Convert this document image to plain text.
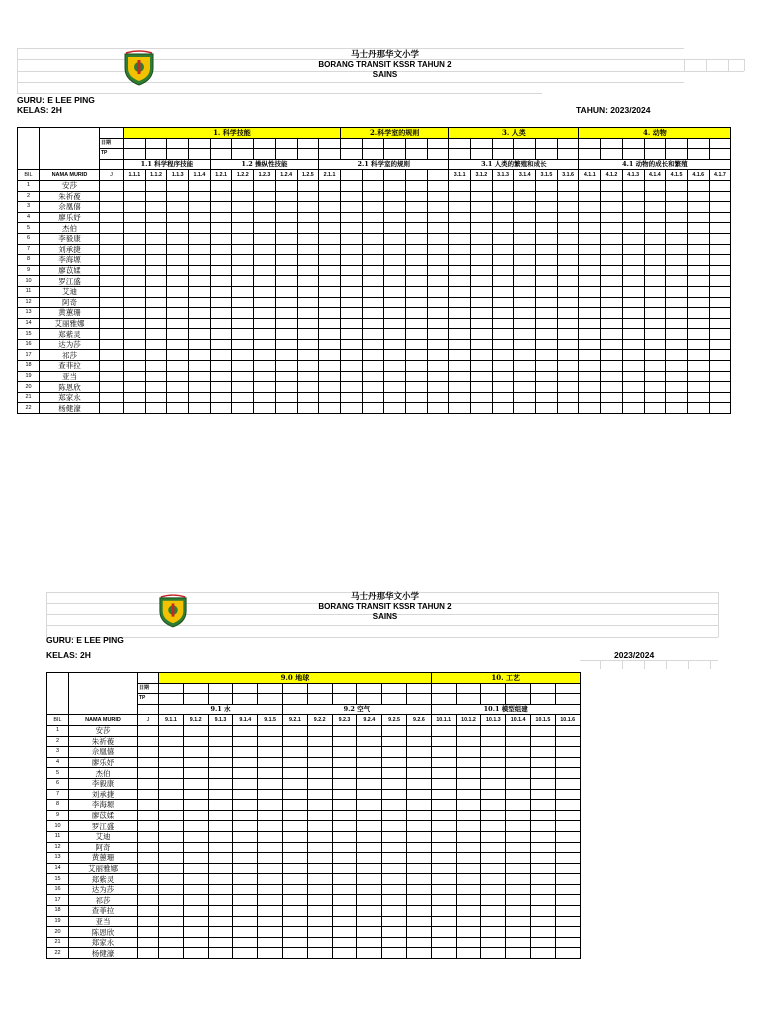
马士丹那华文小学
BORANG TRANSIT KSSR TAHUN 2
SAINS
GURU: E LEE PING
KELAS: 2H	TAHUN: 2023/2024
			1. 科学技能										2.科学室的规则					3. 人类						4. 动物						
		日期																												
		TP																												
			1.1 科学程序技能				1.2 操纵性技能					2.1 科学室的规则						3.1 人类的繁殖和成长						4.1 动物的成长和繁殖						
BIL	NAMA MURID	J	1.1.1	1.1.2	1.1.3	1.1.4	1.2.1	1.2.2	1.2.3	1.2.4	1.2.5	2.1.1						3.1.1	3.1.2	3.1.3	3.1.4	3.1.5	3.1.6	4.1.1	4.1.2	4.1.3	4.1.4	4.1.5	4.1.6	4.1.7
1	安莎																													
2	朱祈葰																													
3	佘凰僖																													
4	廖乐妤																													
5	杰伯																													
6	李毅康																													
7	刘承捷																													
8	李海塬																													
9	廖苡媃																													
10	罗江盛																													
11	艾迪																													
12	阿奇																													
13	黄蕙珊																													
14	艾丽雅娜																													
15	郑紫灵																													
16	达为莎																													
17	祁莎																													
18	查菲拉																													
19	亚当																													
20	陈恩欣																													
21	郑家永																													
22	杨健濠																													
马士丹那华文小学
BORANG TRANSIT KSSR TAHUN 2
SAINS
GURU: E LEE PING
KELAS: 2H	2023/2024
			9.0 地球											10. 工艺					
		日期																	
		TP																	
			9.1 水					9.2 空气						10.1 模型组建					
BIL	NAMA MURID	J	9.1.1	9.1.2	9.1.3	9.1.4	9.1.5	9.2.1	9.2.2	9.2.3	9.2.4	9.2.5	9.2.6	10.1.1	10.1.2	10.1.3	10.1.4	10.1.5	10.1.6
1	安莎																		
2	朱祈葰																		
3	佘凰僖																		
4	廖乐妤																		
5	杰伯																		
6	李毅康																		
7	刘承捷																		
8	李海塬																		
9	廖苡媃																		
10	罗江盛																		
11	艾迪																		
12	阿奇																		
13	黄蕙珊																		
14	艾丽雅娜																		
15	郑紫灵																		
16	达为莎																		
17	祁莎																		
18	查菲拉																		
19	亚当																		
20	陈恩欣																		
21	郑家永																		
22	杨健濠																		
